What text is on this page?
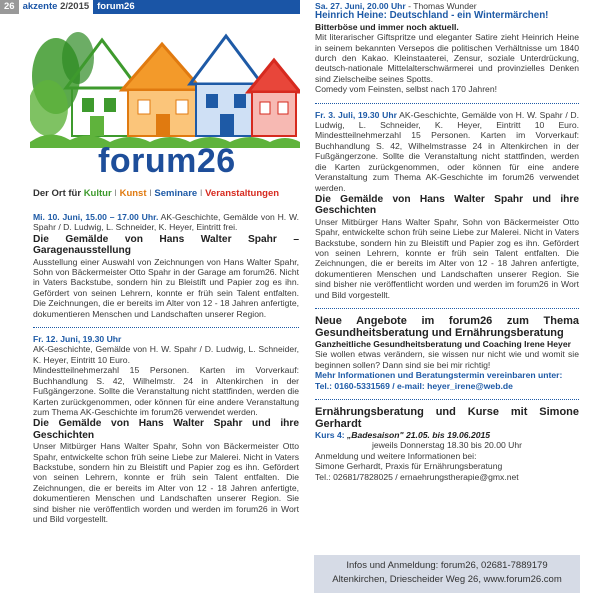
26 akzente 2/2015 forum26
forum26
Der Ort für Kultur I Kunst I Seminare I Veranstaltungen
Mi. 10. Juni, 15.00 – 17.00 Uhr. AK-Geschichte, Gemälde von H. W. Spahr / D. Ludwig, L. Schneider, K. Heyer, Eintritt frei.
Die Gemälde von Hans Walter Spahr – Garagenausstellung
Ausstellung einer Auswahl von Zeichnungen von Hans Walter Spahr, Sohn von Bäckermeister Otto Spahr in der Garage am forum26. Nicht in Vaters Backstube, sondern hin zu Bleistift und Papier zog es ihn. Gefördert von seinen Lehrern, konnte er früh sein Talent entfalten. Die Zeichnungen, die er bereits im Alter von 12 - 18 Jahren anfertigte, dokumentieren Menschen und Landschaften unserer Region.
Fr. 12. Juni, 19.30 Uhr
AK-Geschichte, Gemälde von H. W. Spahr / D. Ludwig, L. Schneider, K. Heyer, Eintritt 10 Euro.
Mindestteilnehmerzahl 15 Personen. Karten im Vorverkauf: Buchhandlung S. 42, Wilhelmstr. 24 in Altenkirchen in der Fußgängerzone. Sollte die Veranstaltung nicht stattfinden, werden die Karten zurückgenommen, oder können für eine andere Veranstaltung zum Thema AK-Geschichte im forum26 verwendet werden.
Die Gemälde von Hans Walter Spahr und ihre Geschichten
Unser Mitbürger Hans Walter Spahr, Sohn von Bäckermeister Otto Spahr, entwickelte schon früh seine Liebe zur Malerei. Nicht in Vaters Backstube, sondern hin zu Bleistift und Papier zog es ihn. Gefördert von seinen Lehrern, konnte er früh sein Talent entfalten. Die Zeichnungen, die er bereits im Alter von 12 - 18 Jahren anfertigte, dokumentieren Menschen und Landschaften unserer Region. Sie sind bisher nie veröffentlich worden und werden im forum26 in Wort und Bild vorgestellt.
Sa. 27. Juni, 20.00 Uhr - Thomas Wunder
Heinrich Heine: Deutschland - ein Wintermärchen!
Bitterböse und immer noch aktuell.
Mit literarischer Giftspritze und eleganter Satire zieht Heinrich Heine in seinem bekannten Versepos die politischen Verhältnisse um 1840 durch den Kakao. Kleinstaaterei, Zensur, soziale Unterdrückung, deutsch-nationale Mittelalterschwärmerei und provinzielles Denken sind Zielscheibe seines Spotts.
Comedy vom Feinsten, selbst nach 170 Jahren!
Fr. 3. Juli, 19.30 Uhr AK-Geschichte, Gemälde von H. W. Spahr / D. Ludwig, L. Schneider, K. Heyer, Eintritt 10 Euro. Mindestteilnehmerzahl 15 Personen. Karten im Vorverkauf: Buchhandlung S. 42, Wilhelmstrasse 24 in Altenkirchen in der Fußgängerzone. Sollte die Veranstaltung nicht stattfinden, werden die Karten zurückgenommen, oder können für eine andere Veranstaltung zum Thema AK-Geschichte im forum26 verwendet werden.
Die Gemälde von Hans Walter Spahr und ihre Geschichten
Unser Mitbürger Hans Walter Spahr, Sohn von Bäckermeister Otto Spahr, entwickelte schon früh seine Liebe zur Malerei. Nicht in Vaters Backstube, sondern hin zu Bleistift und Papier zog es ihn. Gefördert von seinen Lehrern, konnte er früh sein Talent entfalten. Die Zeichnungen, die er bereits im Alter von 12 - 18 Jahren anfertigte, dokumentieren Menschen und Landschaften unserer Region. Sie sind bisher nie veröffentlicht worden und werden im forum26 in Wort und Bild vorgestellt.
Neue Angebote im forum26 zum Thema Gesundheitsberatung und Ernährungsberatung
Ganzheitliche Gesundheitsberatung und Coaching Irene Heyer
Sie wollen etwas verändern, sie wissen nur nicht wie und womit sie beginnen sollen? Dann sind sie bei mir richtig!
Mehr Informationen und Beratungstermin vereinbaren unter:
Tel.: 0160-5331569 / e-mail: heyer_irene@web.de
Ernährungsberatung und Kurse mit Simone Gerhardt
Kurs 4: „Badesaison" 21.05. bis 19.06.2015
jeweils Donnerstag 18.30 bis 20.00 Uhr
Anmeldung und weitere Informationen bei:
Simone Gerhardt, Praxis für Ernährungsberatung
Tel.: 02681/7828025 / ernaehrungstherapie@gmx.net
Infos und Anmeldung: forum26, 02681-7889179
Altenkirchen, Driescheider Weg 26, www.forum26.com
